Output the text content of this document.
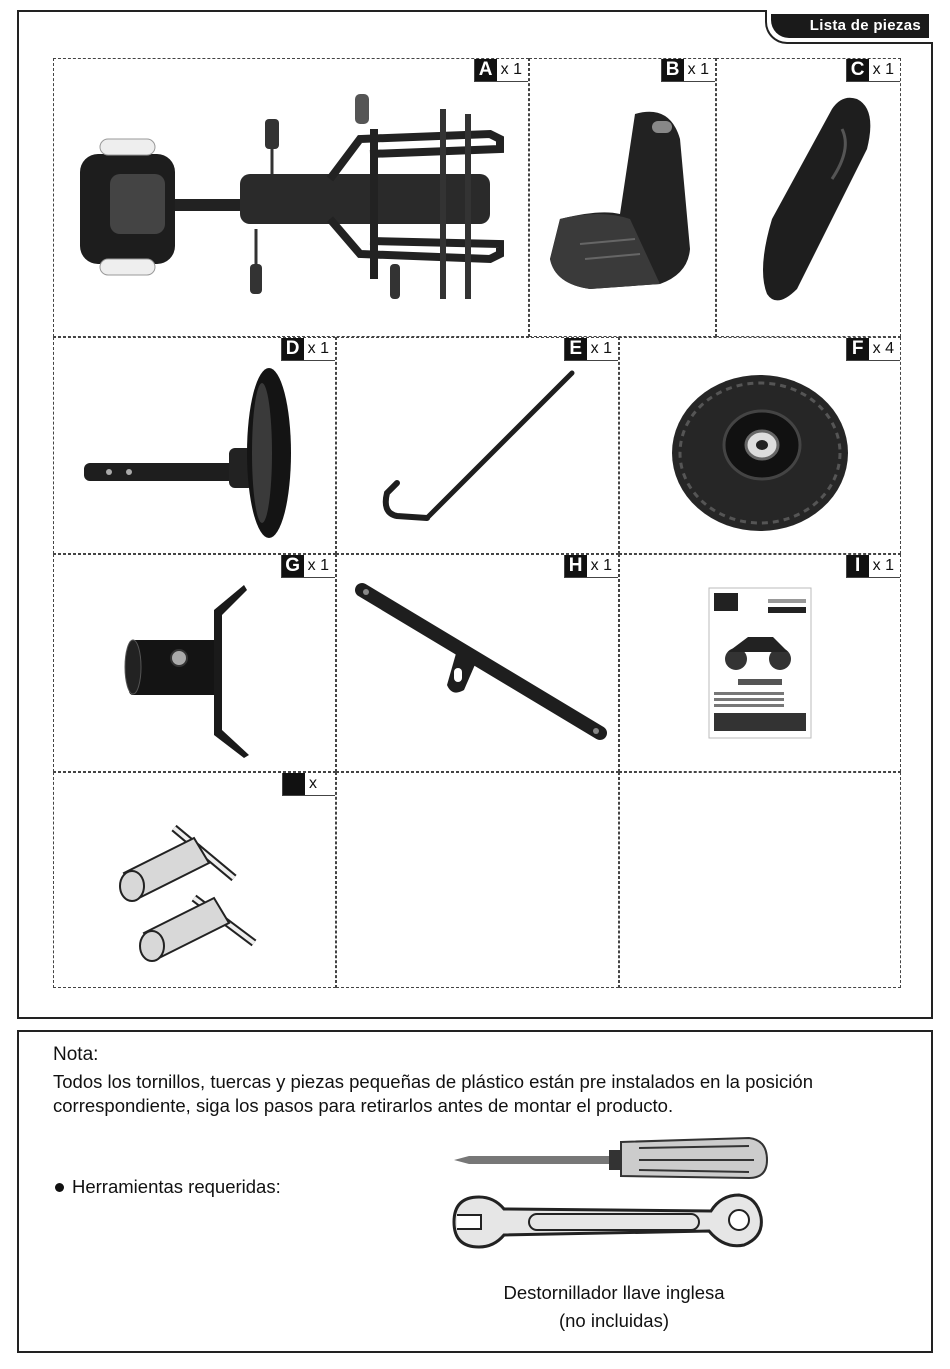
Lista de piezas
A x 1	B x 1	C x 1
D x 1	E x 1	F x 4
G x 1	H x 1	I x 1
x
Nota:
Todos los tornillos, tuercas y piezas pequeñas de plástico están pre instalados en la posición correspondiente, siga los pasos para retirarlos antes de montar el producto.
Herramientas requeridas:
Destornillador llave inglesa
(no incluidas)
